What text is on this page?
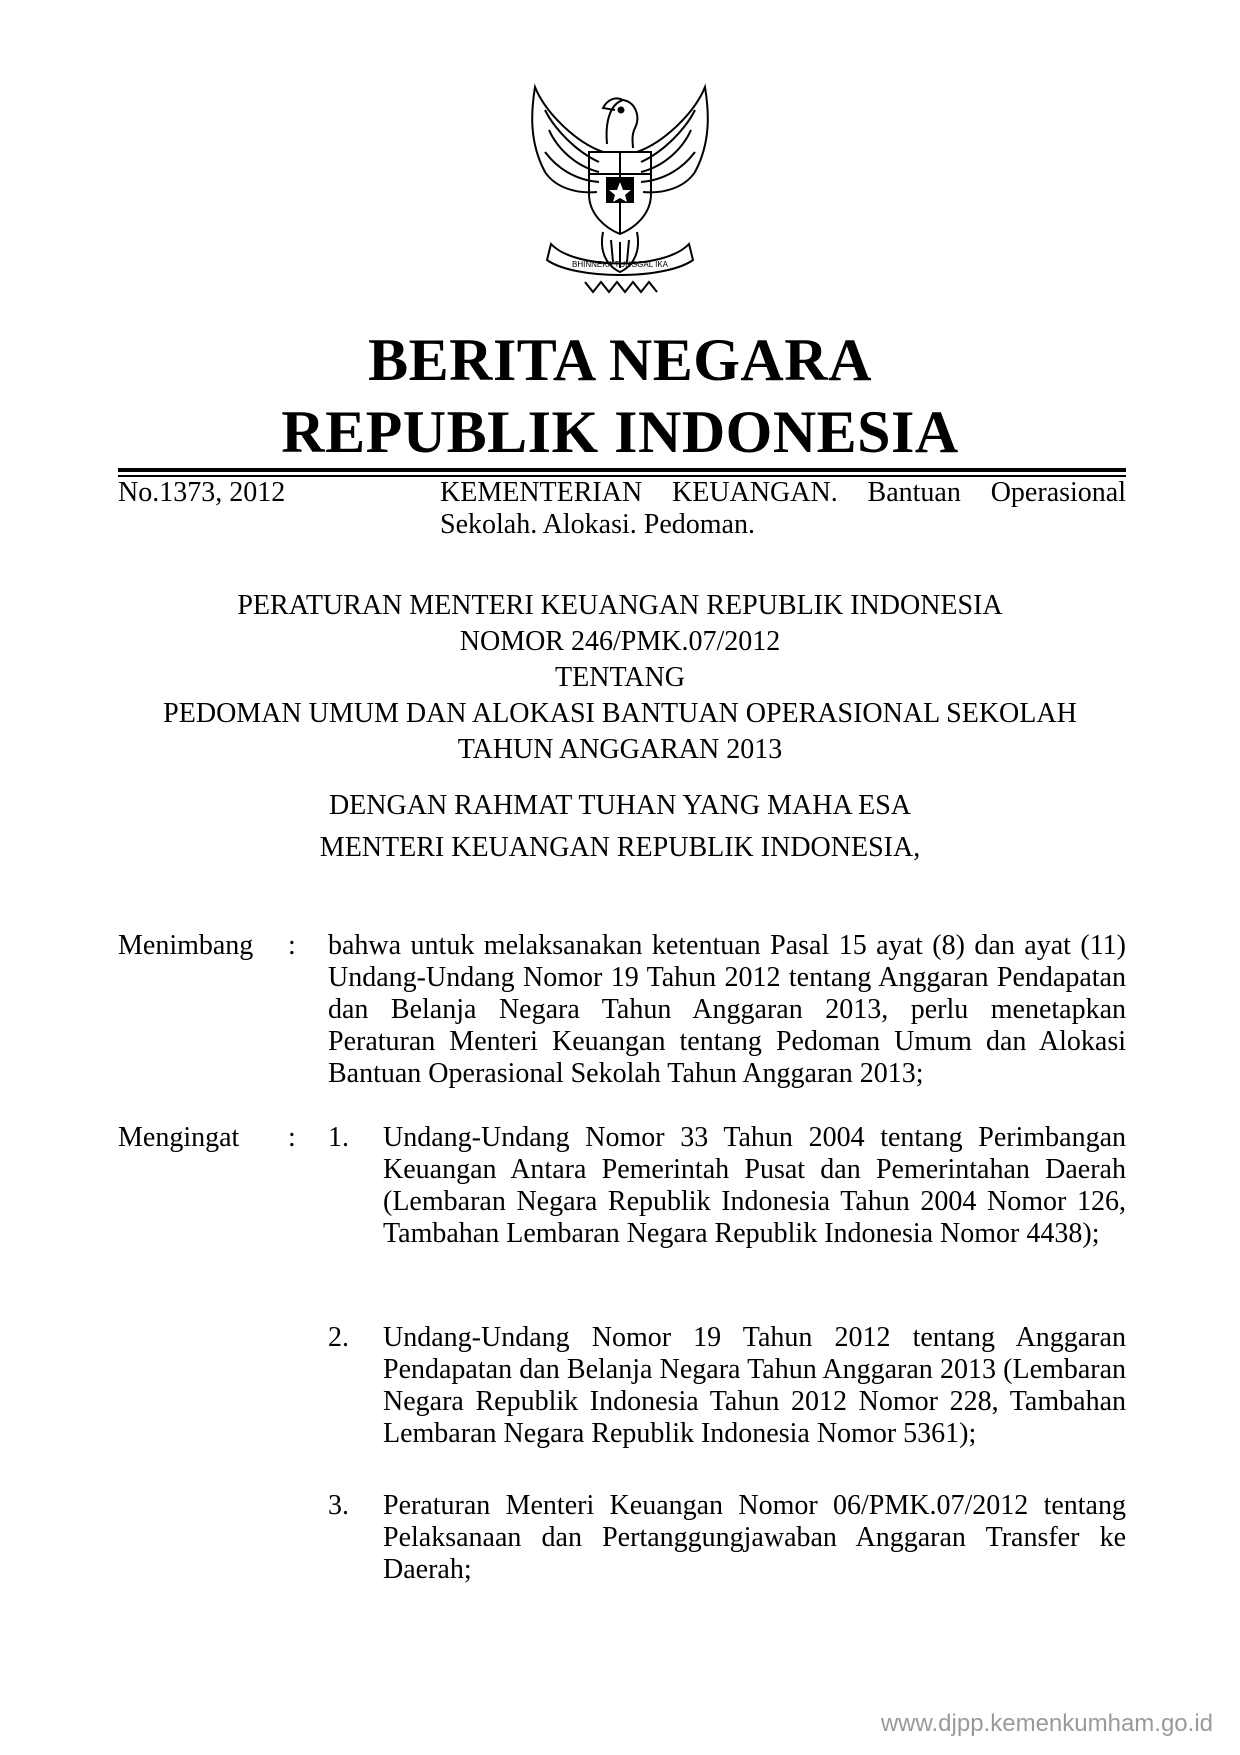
BHINNEKA TUNGGAL IKA
BERITA NEGARA
REPUBLIK INDONESIA
No.1373, 2012	KEMENTERIAN KEUANGAN. Bantuan Operasional Sekolah. Alokasi. Pedoman.
PERATURAN MENTERI KEUANGAN REPUBLIK INDONESIA
NOMOR 246/PMK.07/2012
TENTANG
PEDOMAN UMUM DAN ALOKASI BANTUAN OPERASIONAL SEKOLAH
TAHUN ANGGARAN 2013
DENGAN RAHMAT TUHAN YANG MAHA ESA
MENTERI KEUANGAN REPUBLIK INDONESIA,
Menimbang : bahwa untuk melaksanakan ketentuan Pasal 15 ayat (8) dan ayat (11) Undang-Undang Nomor 19 Tahun 2012 tentang Anggaran Pendapatan dan Belanja Negara Tahun Anggaran 2013, perlu menetapkan Peraturan Menteri Keuangan tentang Pedoman Umum dan Alokasi Bantuan Operasional Sekolah Tahun Anggaran 2013;
Mengingat : 1. Undang-Undang Nomor 33 Tahun 2004 tentang Perimbangan Keuangan Antara Pemerintah Pusat dan Pemerintahan Daerah (Lembaran Negara Republik Indonesia Tahun 2004 Nomor 126, Tambahan Lembaran Negara Republik Indonesia Nomor 4438);
2. Undang-Undang Nomor 19 Tahun 2012 tentang Anggaran Pendapatan dan Belanja Negara Tahun Anggaran 2013 (Lembaran Negara Republik Indonesia Tahun 2012 Nomor 228, Tambahan Lembaran Negara Republik Indonesia Nomor 5361);
3. Peraturan Menteri Keuangan Nomor 06/PMK.07/2012 tentang Pelaksanaan dan Pertanggungjawaban Anggaran Transfer ke Daerah;
www.djpp.kemenkumham.go.id
